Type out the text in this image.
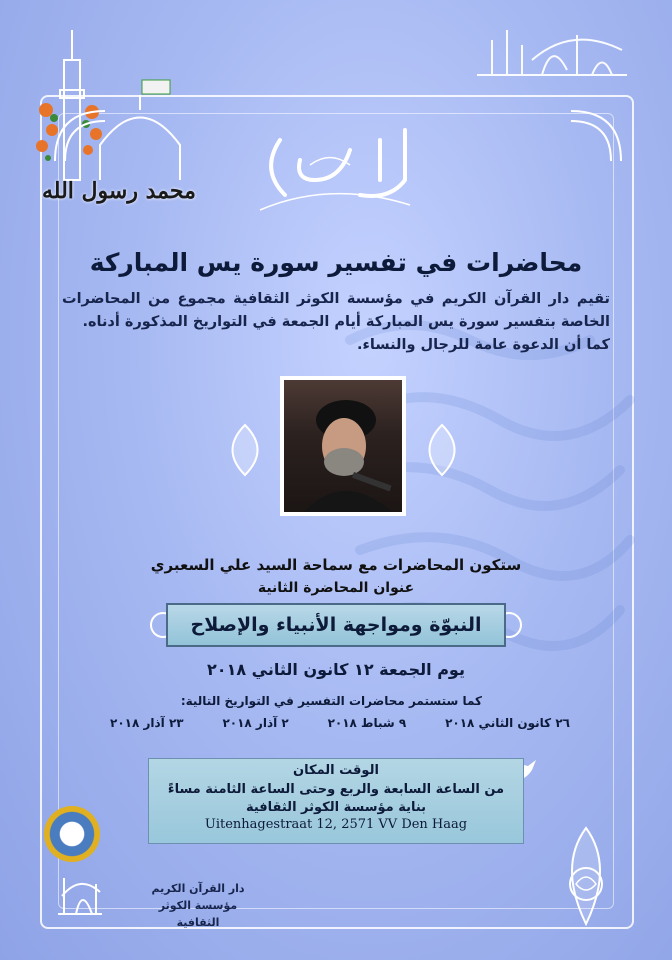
محمد رسول الله
محاضرات في تفسير سورة يس المباركة
تقيم دار القرآن الكريم في مؤسسة الكوثر الثقافية مجموع من المحاضرات
الخاصة بتفسير سورة يس المباركة أيام الجمعة في التواريخ المذكورة أدناه.
كما أن الدعوة عامة للرجال والنساء.
ستكون المحاضرات مع سماحة السيد علي السعبري
عنوان المحاضرة الثانية
النبوّة ومواجهة الأنبياء والإصلاح
يوم الجمعة ١٢ كانون الثاني ٢٠١٨
كما ستستمر محاضرات التفسير في التواريخ التالية:
٢٦ كانون الثاني ٢٠١٨
٩ شباط ٢٠١٨
٢ آذار ٢٠١٨
٢٣ آذار ٢٠١٨
الوقت المكان
من الساعة السابعة والربع وحتى الساعة الثامنة مساءً
بناية مؤسسة الكوثر الثقافية
Uitenhagestraat 12, 2571 VV Den Haag
دار القرآن الكريم
مؤسسة الكوثر الثقافية
